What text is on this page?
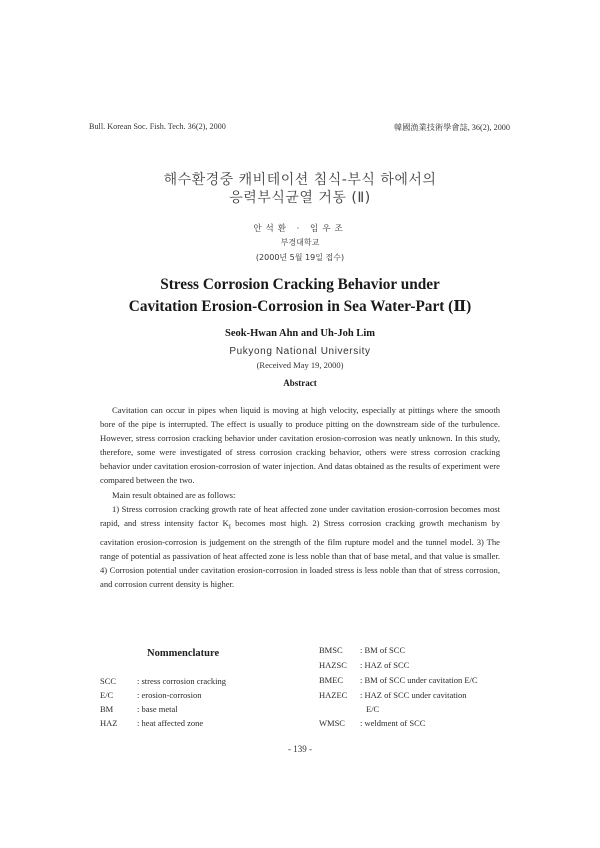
Bull. Korean Soc. Fish. Tech. 36(2), 2000	韓國漁業技術學會誌, 36(2), 2000
해수환경중 캐비테이션 침식-부식 하에서의
응력부식균열 거동 (Ⅱ)
안석환 · 임우조
부경대학교
(2000년 5월 19일 접수)
Stress Corrosion Cracking Behavior under
Cavitation Erosion-Corrosion in Sea Water-Part (Ⅱ)
Seok-Hwan Ahn and Uh-Joh Lim
Pukyong National University
(Received May 19, 2000)
Abstract

Cavitation can occur in pipes when liquid is moving at high velocity, especially at pittings where the smooth bore of the pipe is interrupted. The effect is usually to produce pitting on the downstream side of the turbulence. However, stress corrosion cracking behavior under cavitation erosion-corrosion was neatly unknown. In this study, therefore, some were investigated of stress corrosion cracking behavior, others were stress corrosion cracking behavior under cavitation erosion-corrosion of water injection. And datas obtained as the results of experiment were compared between the two.

Main result obtained are as follows:

1) Stress corrosion cracking growth rate of heat affected zone under cavitation erosion-corrosion becomes most rapid, and stress intensity factor $K_I$ becomes most high. 2) Stress corrosion cracking growth mechanism by cavitation erosion-corrosion is judgement on the strength of the film rupture model and the tunnel model. 3) The range of potential as passivation of heat affected zone is less noble than that of base metal, and that value is smaller. 4) Corrosion potential under cavitation erosion-corrosion in loaded stress is less noble than that of stress corrosion, and corrosion current density is higher.

Nommenclature
SCC : stress corrosion cracking
E/C	: erosion-corrosion
BM	: base metal
HAZ : heat affected zone
BMSC : BM of SCC
HAZSC : HAZ of SCC
BMEC : BM of SCC under cavitation E/C
HAZEC : HAZ of SCC under cavitation
E/C
WMSC : weldment of SCC
- 139 -
